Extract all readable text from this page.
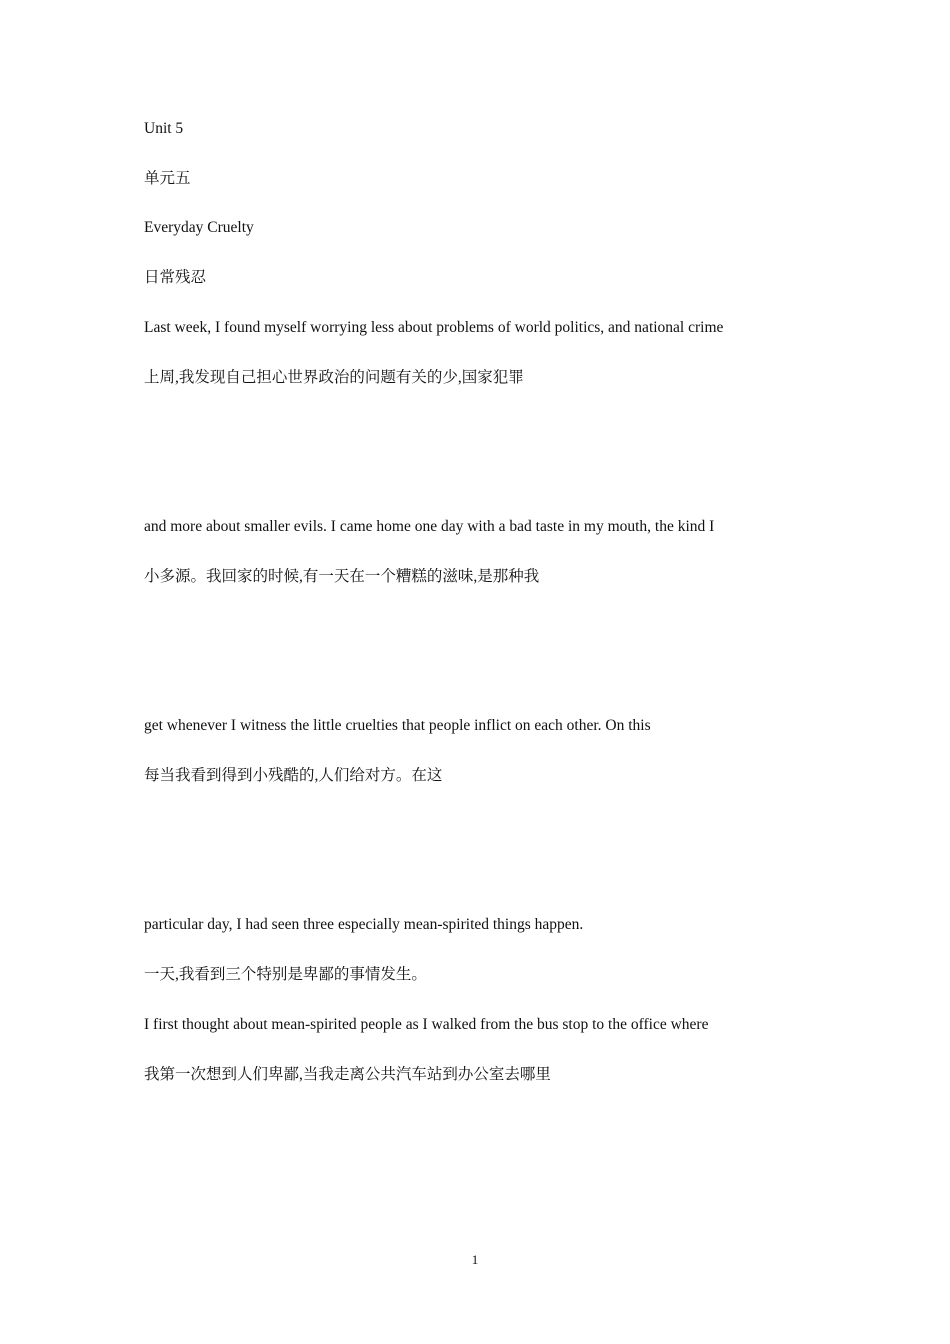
Unit 5
单元五
Everyday Cruelty
日常残忍
Last week, I found myself worrying less about problems of world politics, and national crime
上周,我发现自己担心世界政治的问题有关的少,国家犯罪
and more about smaller evils. I came home one day with a bad taste in my mouth, the kind I
小多源。我回家的时候,有一天在一个糟糕的滋味,是那种我
get whenever I witness the little cruelties that people inflict on each other. On this
每当我看到得到小残酷的,人们给对方。在这
particular day, I had seen three especially mean-spirited things happen.
一天,我看到三个特别是卑鄙的事情发生。
I first thought about mean-spirited people as I walked from the bus stop to the office where
我第一次想到人们卑鄙,当我走离公共汽车站到办公室去哪里
1
